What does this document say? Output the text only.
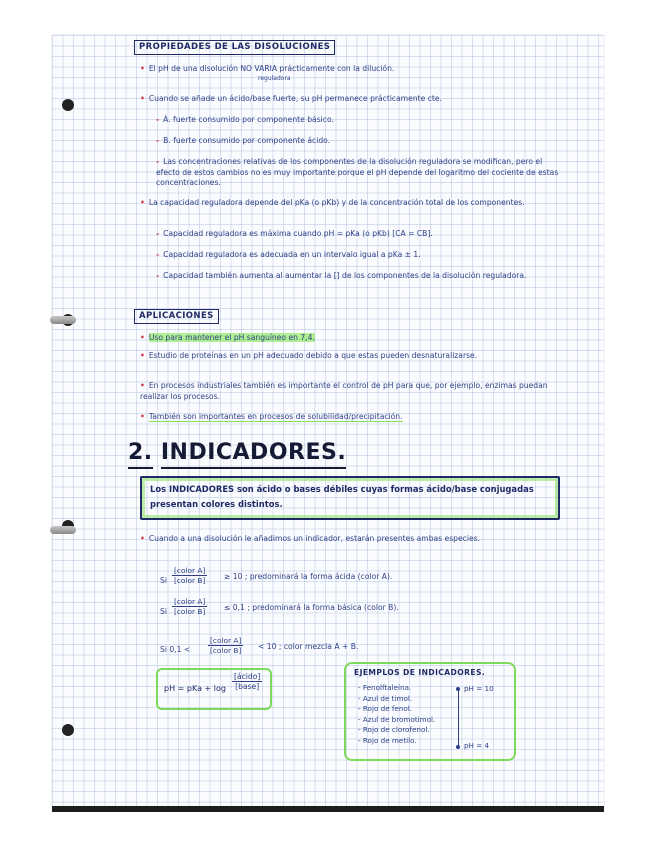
PROPIEDADES DE LAS DISOLUCIONES
• El pH de una disolución NO VARIA prácticamente con la dilución.
reguladora
• Cuando se añade un ácido/base fuerte, su pH permanece prácticamente cte.
- Á. fuerte consumido por componente básico.
- B. fuerte consumido por componente ácido.
- Las concentraciones relativas de los componentes de la disolución reguladora se modifican, pero el efecto de estos cambios no es muy importante porque el pH depende del logaritmo del cociente de estas concentraciones.
• La capacidad reguladora depende del pKa (o pKb) y de la concentración total de los componentes.
- Capacidad reguladora es máxima cuando pH = pKa (o pKb) [CA = CB].
- Capacidad reguladora es adecuada en un intervalo igual a pKa ± 1.
- Capacidad también aumenta al aumentar la [] de los componentes de la disolución reguladora.
APLICACIONES
• Uso para mantener el pH sanguíneo en 7,4.
• Estudio de proteínas en un pH adecuado debido a que estas pueden desnaturalizarse.
• En procesos industriales también es importante el control de pH para que, por ejemplo, enzimas puedan realizar los procesos.
• También son importantes en procesos de solubilidad/precipitación.
2. INDICADORES.
Los INDICADORES son ácido o bases débiles cuyas formas ácido/base conjugadas presentan colores distintos.
• Cuando a una disolución le añadimos un indicador, estarán presentes ambas especies.
Si
[color A]
[color B] ≥ 10 ; predominará la forma ácida (color A).
Si
[color A]
[color B] ≤ 0,1 ; predominará la forma básica (color B).
Si 0,1 <
[color A]
[color B] < 10 ; color mezcla A + B.
pH = pKa + log
[ácido]
[base]
EJEMPLOS DE INDICADORES.
- Fenolftaleína.
- Azul de timol.
- Rojo de fenol.
- Azul de bromotimol.
- Rojo de clorofenol.
- Rojo de metilo.
pH = 10
pH = 4
